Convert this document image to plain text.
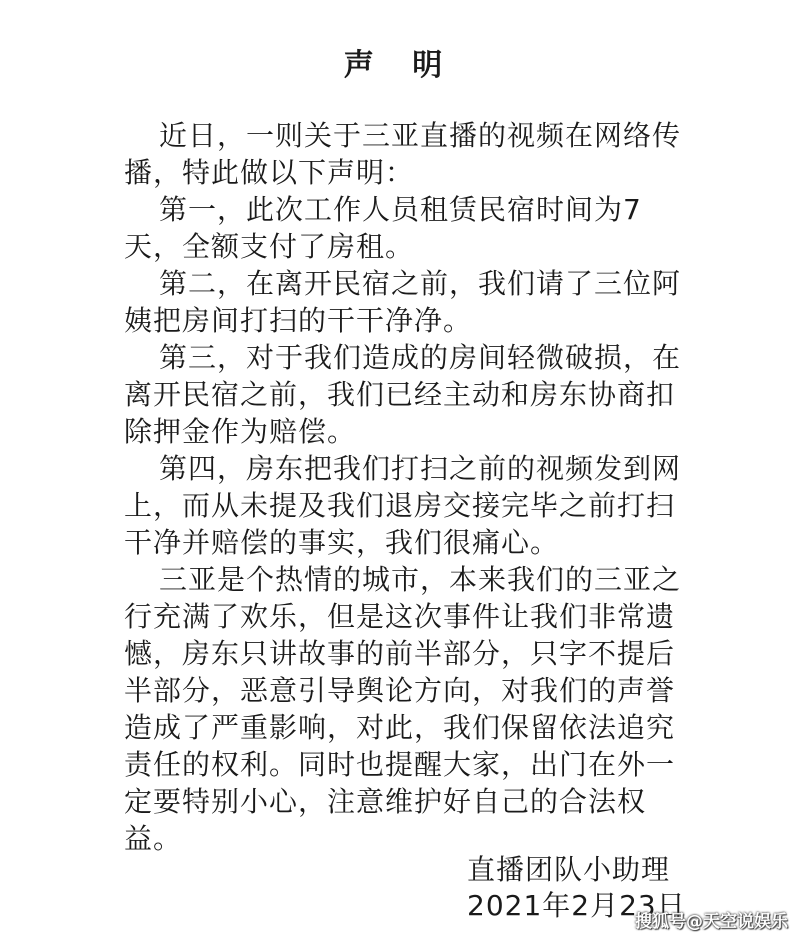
声 明
近日，一则关于三亚直播的视频在网络传
播，特此做以下声明：
第一，此次工作人员租赁民宿时间为7
天，全额支付了房租。
第二，在离开民宿之前，我们请了三位阿
姨把房间打扫的干干净净。
第三，对于我们造成的房间轻微破损，在
离开民宿之前，我们已经主动和房东协商扣
除押金作为赔偿。
第四，房东把我们打扫之前的视频发到网
上，而从未提及我们退房交接完毕之前打扫
干净并赔偿的事实，我们很痛心。
三亚是个热情的城市，本来我们的三亚之
行充满了欢乐，但是这次事件让我们非常遗
憾，房东只讲故事的前半部分，只字不提后
半部分，恶意引导舆论方向，对我们的声誉
造成了严重影响，对此，我们保留依法追究
责任的权利。同时也提醒大家，出门在外一
定要特别小心，注意维护好自己的合法权
益。
直播团队小助理
2021年2月23日
搜狐号@天空说娱乐
